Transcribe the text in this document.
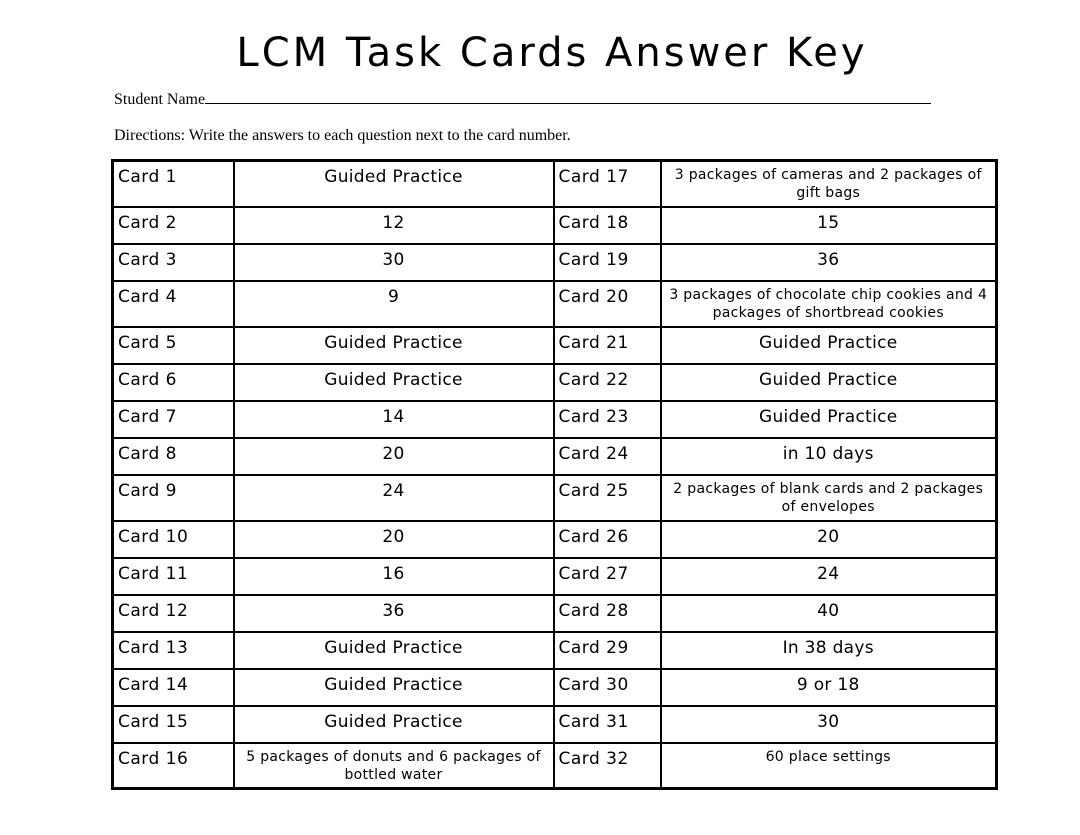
LCM Task Cards Answer Key
Student Name
Directions: Write the answers to each question next to the card number.
Card 1	Guided Practice	Card 17	3 packages of cameras and 2 packages of gift bags
Card 2	12	Card 18	15
Card 3	30	Card 19	36
Card 4	9	Card 20	3 packages of chocolate chip cookies and 4 packages of shortbread cookies
Card 5	Guided Practice	Card 21	Guided Practice
Card 6	Guided Practice	Card 22	Guided Practice
Card 7	14	Card 23	Guided Practice
Card 8	20	Card 24	in 10 days
Card 9	24	Card 25	2 packages of blank cards and 2 packages of envelopes
Card 10	20	Card 26	20
Card 11	16	Card 27	24
Card 12	36	Card 28	40
Card 13	Guided Practice	Card 29	In 38 days
Card 14	Guided Practice	Card 30	9 or 18
Card 15	Guided Practice	Card 31	30
Card 16	5 packages of donuts and 6 packages of bottled water	Card 32	60 place settings
